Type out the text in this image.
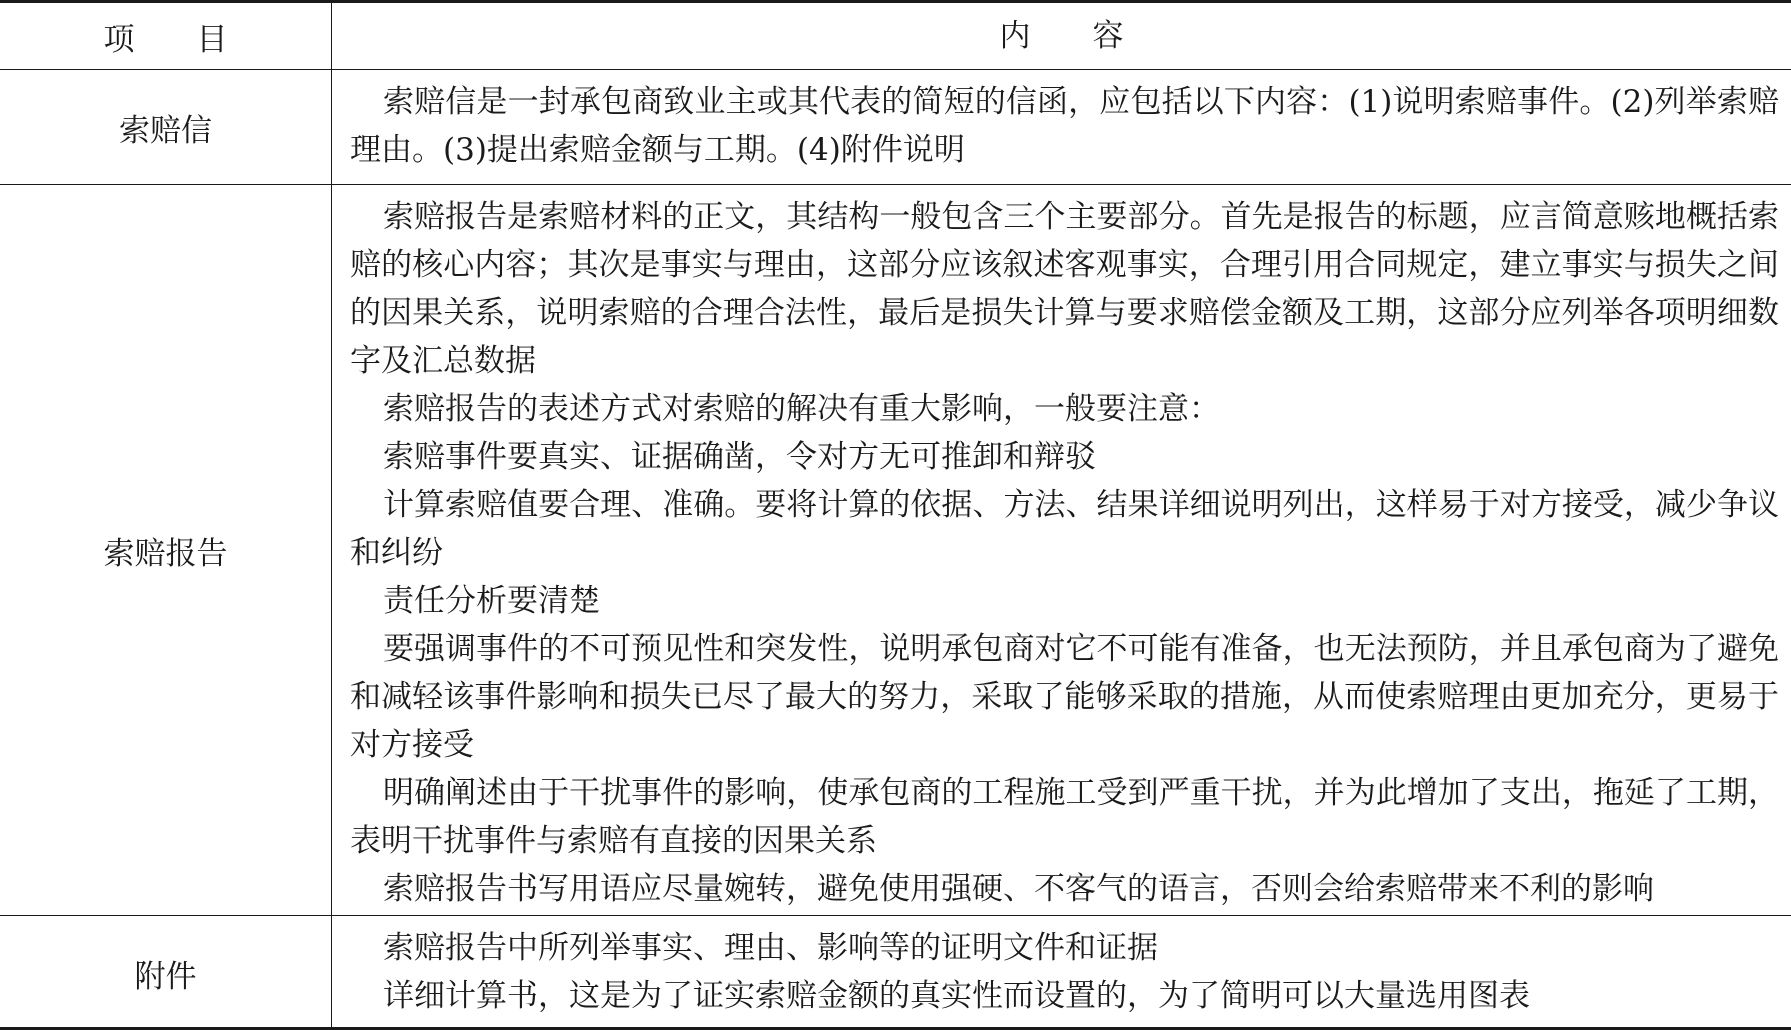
项 目	内 容
索赔信

索赔信是一封承包商致业主或其代表的简短的信函，应包括以下内容：(1)说明索赔事件。(2)列举索赔理由。(3)提出索赔金额与工期。(4)附件说明

索赔报告

索赔报告是索赔材料的正文，其结构一般包含三个主要部分。首先是报告的标题，应言简意赅地概括索赔的核心内容；其次是事实与理由，这部分应该叙述客观事实，合理引用合同规定，建立事实与损失之间的因果关系，说明索赔的合理合法性，最后是损失计算与要求赔偿金额及工期，这部分应列举各项明细数字及汇总数据

索赔报告的表述方式对索赔的解决有重大影响，一般要注意：

索赔事件要真实、证据确凿，令对方无可推卸和辩驳

计算索赔值要合理、准确。要将计算的依据、方法、结果详细说明列出，这样易于对方接受，减少争议和纠纷

责任分析要清楚

要强调事件的不可预见性和突发性，说明承包商对它不可能有准备，也无法预防，并且承包商为了避免和减轻该事件影响和损失已尽了最大的努力，采取了能够采取的措施，从而使索赔理由更加充分，更易于对方接受

明确阐述由于干扰事件的影响，使承包商的工程施工受到严重干扰，并为此增加了支出，拖延了工期，表明干扰事件与索赔有直接的因果关系

索赔报告书写用语应尽量婉转，避免使用强硬、不客气的语言，否则会给索赔带来不利的影响

附件

索赔报告中所列举事实、理由、影响等的证明文件和证据

详细计算书，这是为了证实索赔金额的真实性而设置的，为了简明可以大量选用图表
